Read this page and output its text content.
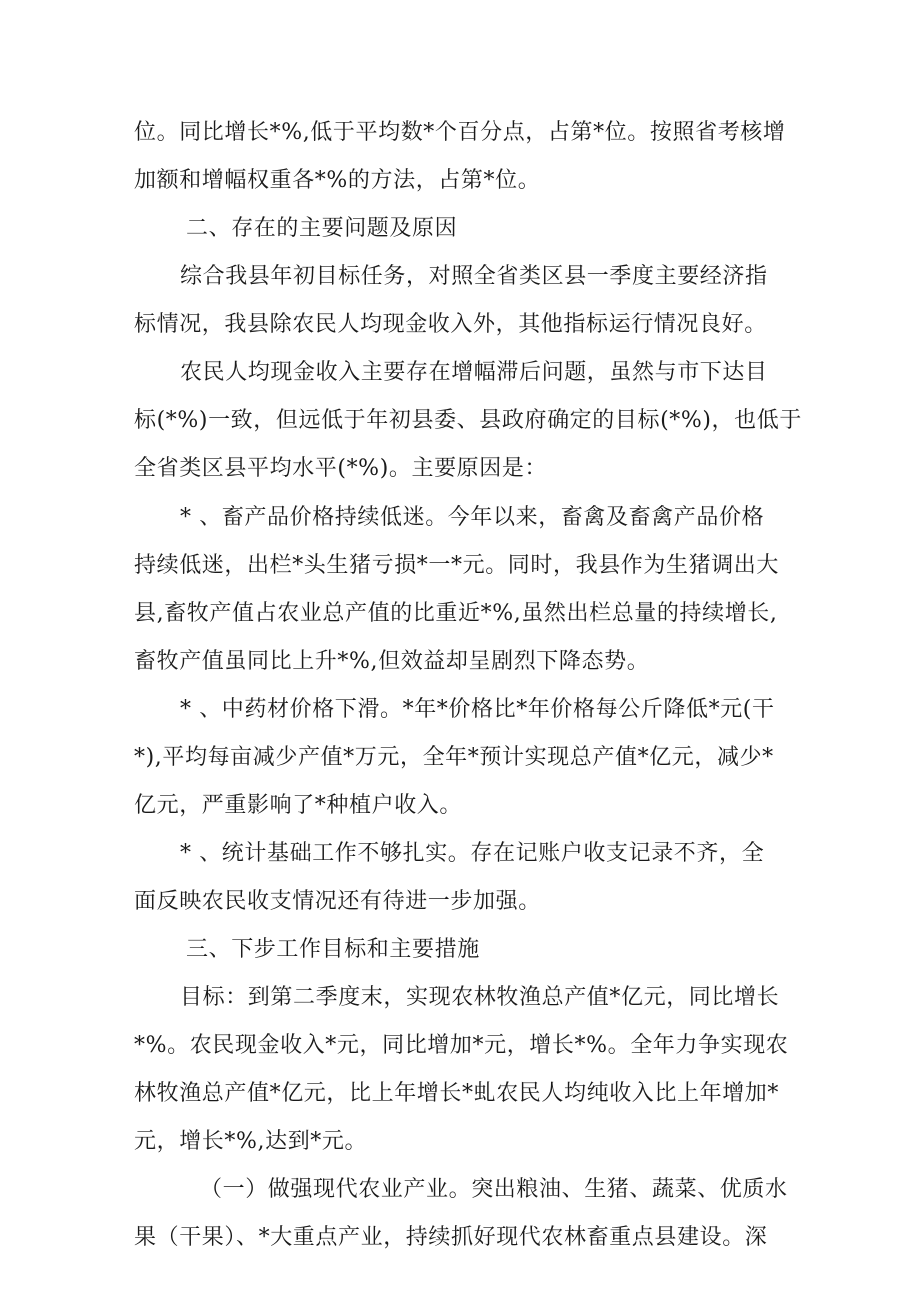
位。同比增长*%,低于平均数*个百分点，占第*位。按照省考核增
加额和增幅权重各*%的方法，占第*位。
二、存在的主要问题及原因
综合我县年初目标任务，对照全省类区县一季度主要经济指
标情况，我县除农民人均现金收入外，其他指标运行情况良好。
农民人均现金收入主要存在增幅滞后问题，虽然与市下达目
标(*%)一致，但远低于年初县委、县政府确定的目标(*%)，也低于
全省类区县平均水平(*%)。主要原因是：
* 、畜产品价格持续低迷。今年以来，畜禽及畜禽产品价格
持续低迷，出栏*头生猪亏损*一*元。同时，我县作为生猪调出大
县,畜牧产值占农业总产值的比重近*%,虽然出栏总量的持续增长,
畜牧产值虽同比上升*%,但效益却呈剧烈下降态势。
* 、中药材价格下滑。*年*价格比*年价格每公斤降低*元(干
*),平均每亩减少产值*万元，全年*预计实现总产值*亿元，减少*
亿元，严重影响了*种植户收入。
* 、统计基础工作不够扎实。存在记账户收支记录不齐，全
面反映农民收支情况还有待进一步加强。
三、下步工作目标和主要措施
目标：到第二季度末，实现农林牧渔总产值*亿元，同比增长
*%。农民现金收入*元，同比增加*元，增长*%。全年力争实现农
林牧渔总产值*亿元，比上年增长*虬农民人均纯收入比上年增加*
元，增长*%,达到*元。
（一）做强现代农业产业。突出粮油、生猪、蔬菜、优质水
果（干果）、*大重点产业，持续抓好现代农林畜重点县建设。深
